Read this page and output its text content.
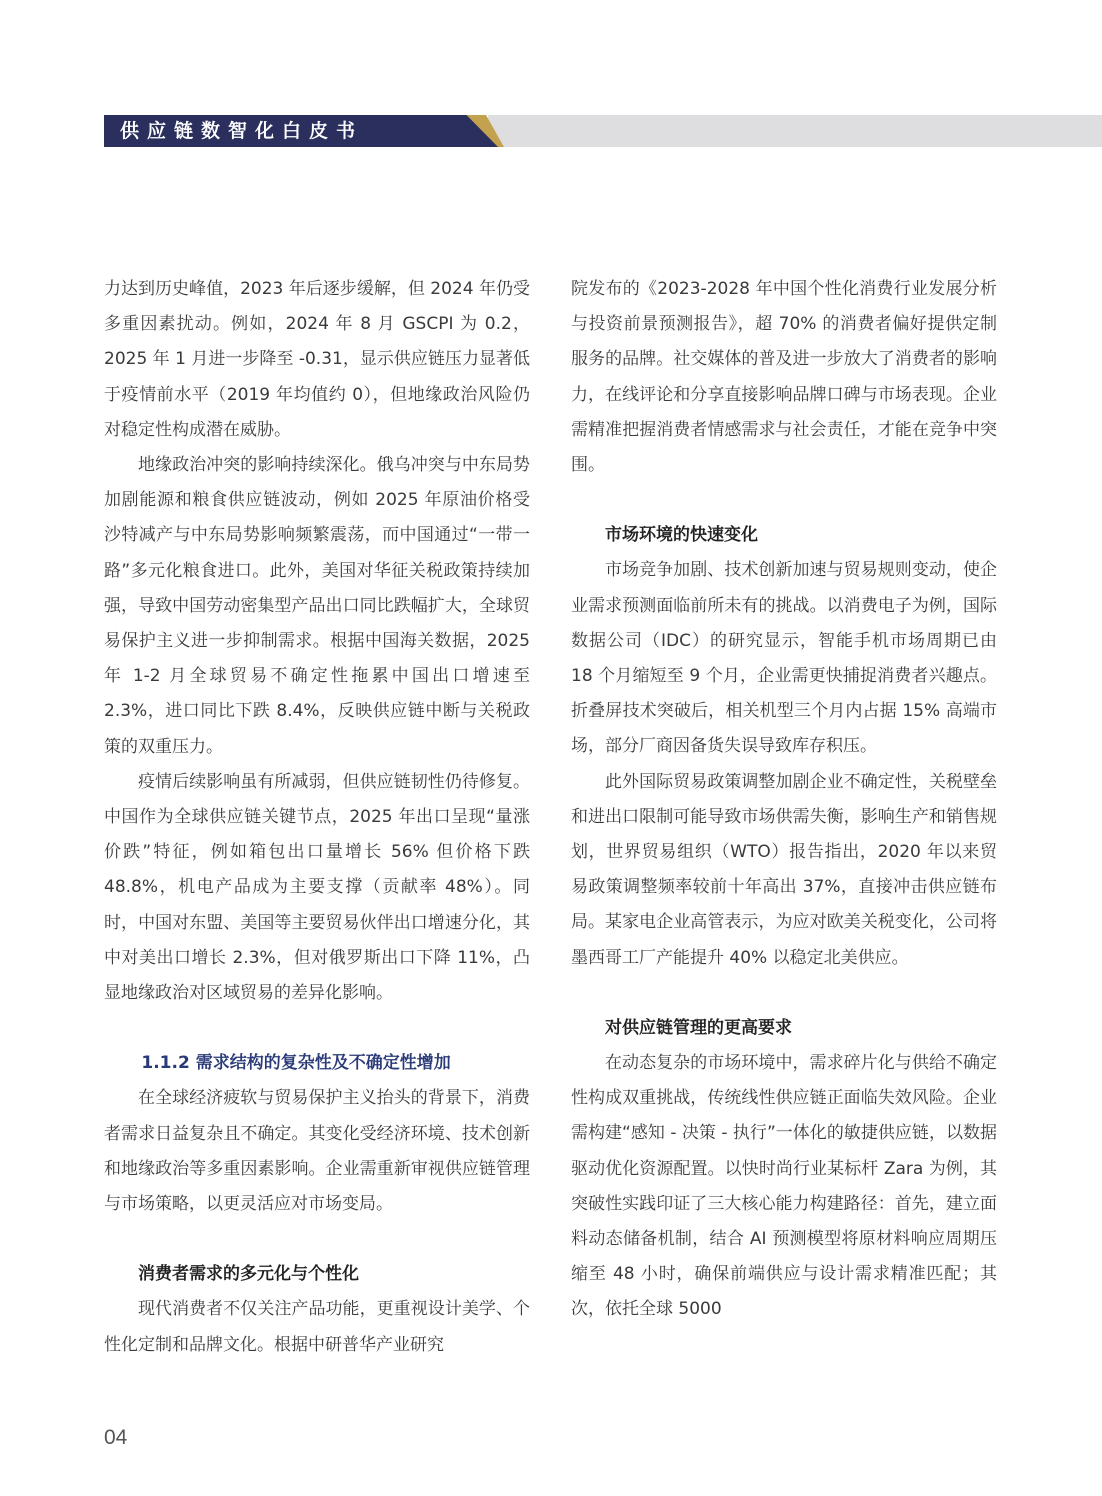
供应链数智化白皮书

力达到历史峰值，2023 年后逐步缓解，但 2024 年仍受多重因素扰动。例如，2024 年 8 月 GSCPI 为 0.2，2025 年 1 月进一步降至 -0.31，显示供应链压力显著低于疫情前水平（2019 年均值约 0），但地缘政治风险仍对稳定性构成潜在威胁。

地缘政治冲突的影响持续深化。俄乌冲突与中东局势加剧能源和粮食供应链波动，例如 2025 年原油价格受沙特减产与中东局势影响频繁震荡，而中国通过“一带一路”多元化粮食进口。此外，美国对华征关税政策持续加强，导致中国劳动密集型产品出口同比跌幅扩大，全球贸易保护主义进一步抑制需求。根据中国海关数据，2025 年 1-2 月全球贸易不确定性拖累中国出口增速至 2.3%，进口同比下跌 8.4%，反映供应链中断与关税政策的双重压力。

疫情后续影响虽有所减弱，但供应链韧性仍待修复。中国作为全球供应链关键节点，2025 年出口呈现“量涨价跌”特征，例如箱包出口量增长 56% 但价格下跌 48.8%，机电产品成为主要支撑（贡献率 48%）。同时，中国对东盟、美国等主要贸易伙伴出口增速分化，其中对美出口增长 2.3%，但对俄罗斯出口下降 11%，凸显地缘政治对区域贸易的差异化影响。

1.1.2 需求结构的复杂性及不确定性增加

在全球经济疲软与贸易保护主义抬头的背景下，消费者需求日益复杂且不确定。其变化受经济环境、技术创新和地缘政治等多重因素影响。企业需重新审视供应链管理与市场策略，以更灵活应对市场变局。

消费者需求的多元化与个性化

现代消费者不仅关注产品功能，更重视设计美学、个性化定制和品牌文化。根据中研普华产业研究

院发布的《2023-2028 年中国个性化消费行业发展分析与投资前景预测报告》，超 70% 的消费者偏好提供定制服务的品牌。社交媒体的普及进一步放大了消费者的影响力，在线评论和分享直接影响品牌口碑与市场表现。企业需精准把握消费者情感需求与社会责任，才能在竞争中突围。

市场环境的快速变化

市场竞争加剧、技术创新加速与贸易规则变动，使企业需求预测面临前所未有的挑战。以消费电子为例，国际数据公司（IDC）的研究显示，智能手机市场周期已由 18 个月缩短至 9 个月，企业需更快捕捉消费者兴趣点。折叠屏技术突破后，相关机型三个月内占据 15% 高端市场，部分厂商因备货失误导致库存积压。

此外国际贸易政策调整加剧企业不确定性，关税壁垒和进出口限制可能导致市场供需失衡，影响生产和销售规划，世界贸易组织（WTO）报告指出，2020 年以来贸易政策调整频率较前十年高出 37%，直接冲击供应链布局。某家电企业高管表示，为应对欧美关税变化，公司将墨西哥工厂产能提升 40% 以稳定北美供应。

对供应链管理的更高要求

在动态复杂的市场环境中，需求碎片化与供给不确定性构成双重挑战，传统线性供应链正面临失效风险。企业需构建“感知 - 决策 - 执行”一体化的敏捷供应链，以数据驱动优化资源配置。以快时尚行业某标杆 Zara 为例，其突破性实践印证了三大核心能力构建路径：首先，建立面料动态储备机制，结合 AI 预测模型将原材料响应周期压缩至 48 小时，确保前端供应与设计需求精准匹配；其次，依托全球 5000

04
